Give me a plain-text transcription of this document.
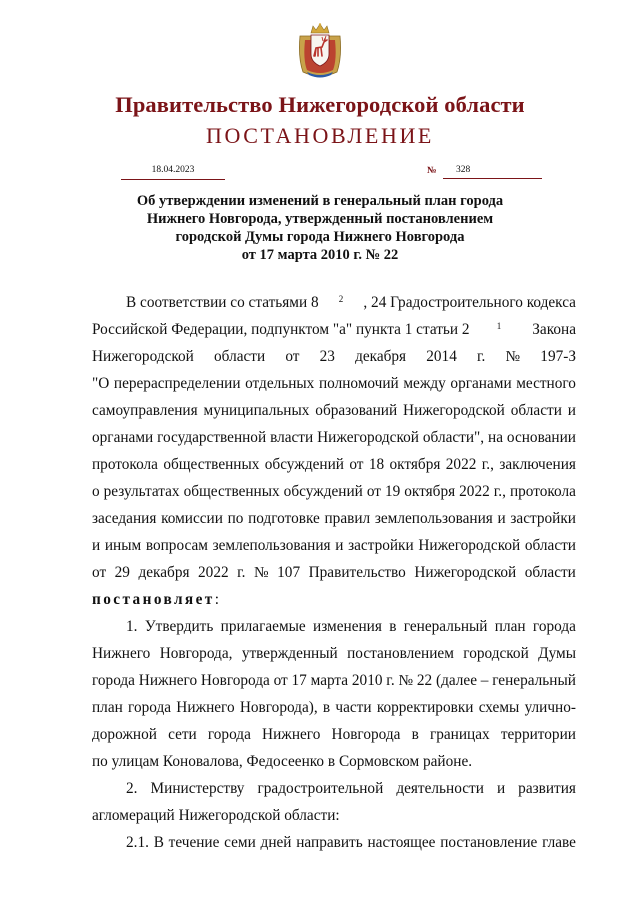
Правительство Нижегородской области
ПОСТАНОВЛЕНИЕ
18.04.2023	№	328
Об утверждении изменений в генеральный план города
Нижнего Новгорода, утвержденный постановлением
городской Думы города Нижнего Новгорода
от 17 марта 2010 г. № 22
В соответствии со статьями 8 $^2$ , 24 Градостроительного кодекса
Российской Федерации, подпунктом "а" пункта 1 статьи 2	$^1$ Закона
Нижегородской области от 23 декабря 2014 г. № 197-З
"О перераспределении отдельных полномочий между органами местного
самоуправления муниципальных образований Нижегородской области и
органами государственной власти Нижегородской области", на основании
протокола общественных обсуждений от 18 октября 2022 г., заключения
о результатах общественных обсуждений от 19 октября 2022 г., протокола
заседания комиссии по подготовке правил землепользования и застройки
и иным вопросам землепользования и застройки Нижегородской области
от 29 декабря 2022 г. № 107 Правительство Нижегородской области
постановляет :
1. Утвердить прилагаемые изменения в генеральный план города
Нижнего Новгорода, утвержденный постановлением городской Думы
города Нижнего Новгорода от 17 марта 2010 г. № 22 (далее – генеральный
план города Нижнего Новгорода), в части корректировки схемы улично-
дорожной сети города Нижнего Новгорода в границах территории
по улицам Коновалова, Федосеенко в Сормовском районе.
2. Министерству градостроительной деятельности и развития
агломераций Нижегородской области:
2.1. В течение семи дней направить настоящее постановление главе
